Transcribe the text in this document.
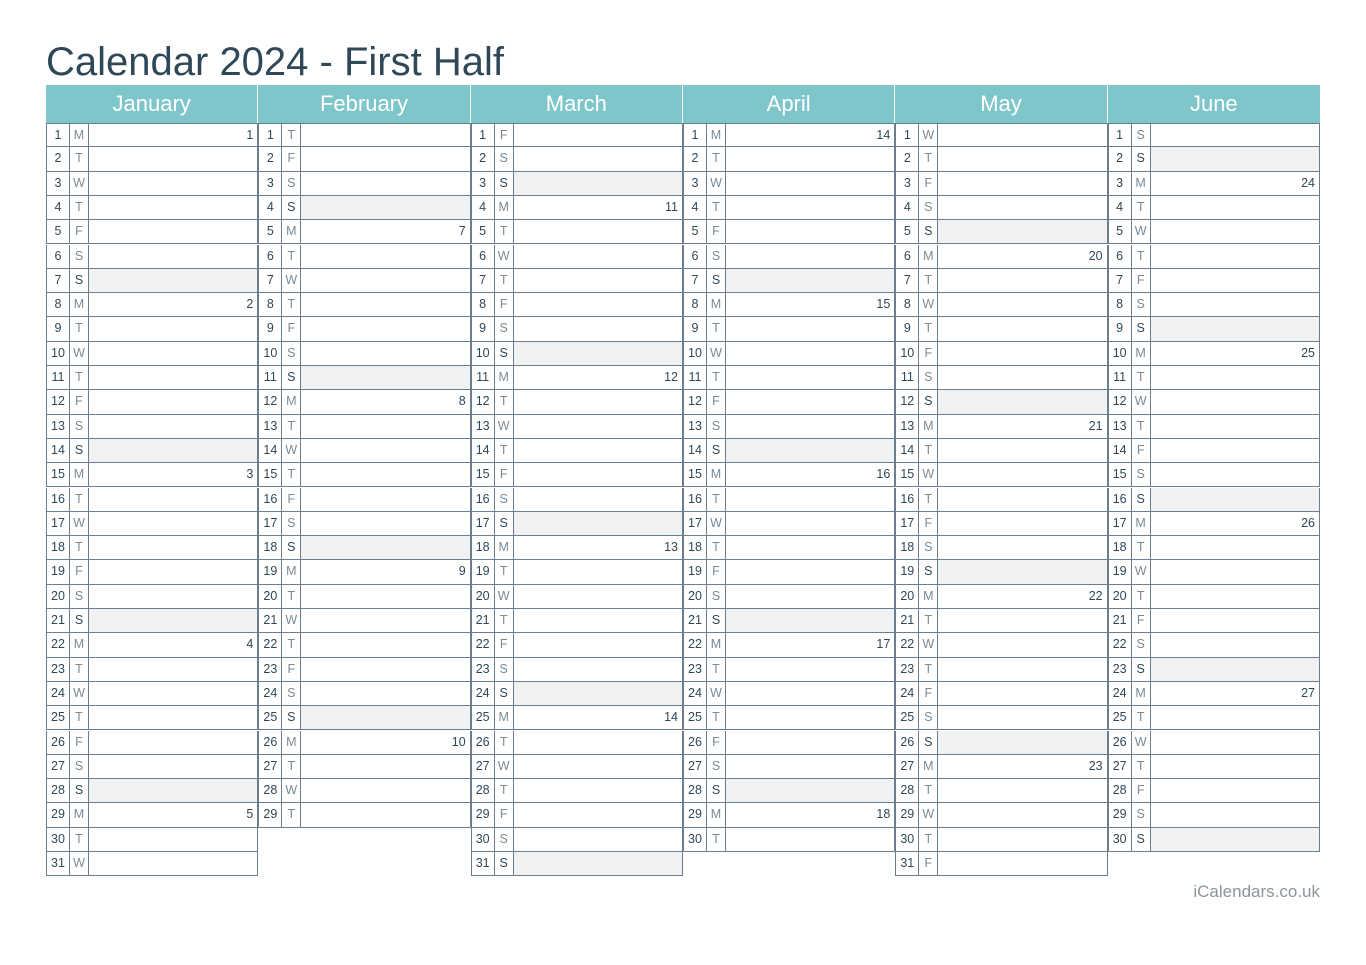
Calendar 2024 - First Half
January
1 M	1
2	T
3 W
4	T
5	F
6	S
7	S
8 M	2
9	T
10 W
11 T
12 F
13 S
14 S
15 M	3
16 T
17 W
18 T
19 F
20 S
21 S
22 M	4
23 T
24 W
25 T
26 F
27 S
28 S
29 M	5
30 T
31 W
February
1	T
2	F
3	S
4	S
5 M	7
6	T
7 W
8	T
9	F
10 S
11 S
12 M	8
13 T
14 W
15 T
16 F
17 S
18 S
19 M	9
20 T
21 W
22 T
23 F
24 S
25 S
26 M	10
27 T
28 W
29 T
March
1	F
2	S
3	S
4 M	11
5	T
6 W
7	T
8	F
9	S
10 S
11 M	12
12 T
13 W
14 T
15 F
16 S
17 S
18 M	13
19 T
20 W
21 T
22 F
23 S
24 S
25 M	14
26 T
27 W
28 T
29 F
30 S
31 S
April
1 M	14
2	T
3 W
4	T
5	F
6	S
7	S
8 M	15
9	T
10 W
11 T
12 F
13 S
14 S
15 M	16
16 T
17 W
18 T
19 F
20 S
21 S
22 M	17
23 T
24 W
25 T
26 F
27 S
28 S
29 M	18
30 T
May
1 W
2	T
3	F
4	S
5	S
6 M	20
7	T
8 W
9	T
10 F
11 S
12 S
13 M	21
14 T
15 W
16 T
17 F
18 S
19 S
20 M	22
21 T
22 W
23 T
24 F
25 S
26 S
27 M	23
28 T
29 W
30 T
31 F
June
1	S
2	S
3 M	24
4	T
5 W
6	T
7	F
8	S
9	S
10 M	25
11 T
12 W
13 T
14 F
15 S
16 S
17 M	26
18 T
19 W
20 T
21 F
22 S
23 S
24 M	27
25 T
26 W
27 T
28 F
29 S
30 S
iCalendars.co.uk
